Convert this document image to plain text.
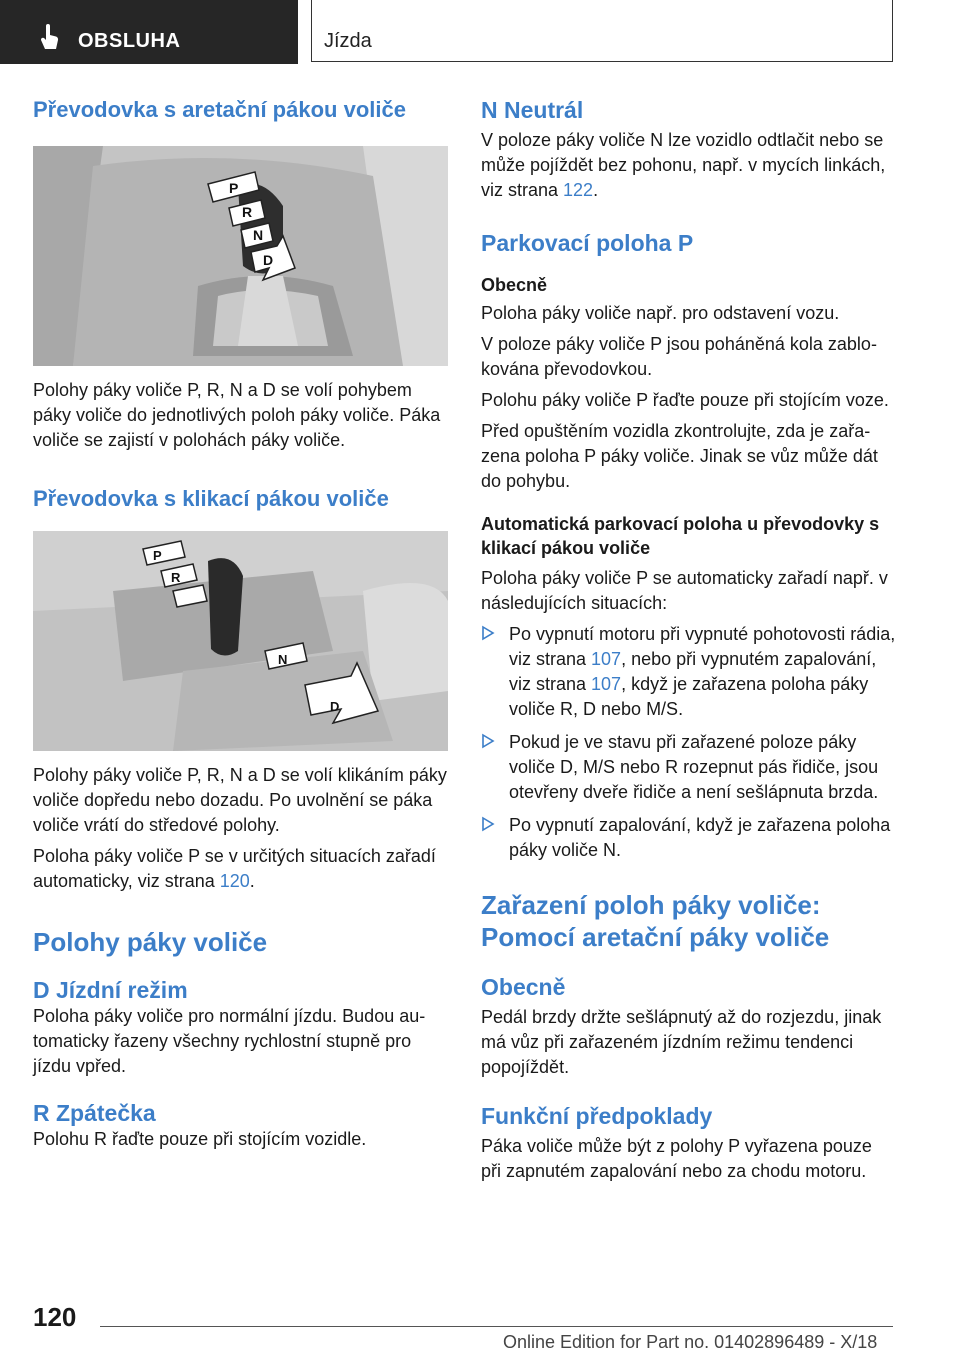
OBSLUHA	Jízda
Převodovka s aretační pákou voliče
P
R
N
D

Polohy páky voliče P, R, N a D se volí pohybem páky voliče do jednotlivých poloh páky voliče. Páka voliče se zajistí v polohách páky voliče.

Převodovka s klikací pákou voliče
P
R
N
D

Polohy páky voliče P, R, N a D se volí klikáním páky voliče dopředu nebo dozadu. Po uvolnění se páka voliče vrátí do středové polohy.

Poloha páky voliče P se v určitých situacích zařadí automaticky, viz strana 120.

Polohy páky voliče
D Jízdní režim

Poloha páky voliče pro normální jízdu. Budou automaticky řazeny všechny rychlostní stupně pro jízdu vpřed.

R Zpátečka

Polohu R řaďte pouze při stojícím vozidle.

N Neutrál

V poloze páky voliče N lze vozidlo odtlačit nebo se může pojíždět bez pohonu, např. v mycích linkách, viz strana 122.

Parkovací poloha P
Obecně

Poloha páky voliče např. pro odstavení vozu.

V poloze páky voliče P jsou poháněná kola zablokována převodovkou.

Polohu páky voliče P řaďte pouze při stojícím voze.

Před opuštěním vozidla zkontrolujte, zda je zařazena poloha P páky voliče. Jinak se vůz může dát do pohybu.

Automatická parkovací poloha u převodovky s klikací pákou voliče

Poloha páky voliče P se automaticky zařadí např. v následujících situacích:

Po vypnutí motoru při vypnuté pohotovosti rádia, viz strana 107, nebo při vypnutém zapalování, viz strana 107, když je zařazena poloha páky voliče R, D nebo M/S.
Pokud je ve stavu při zařazené poloze páky voliče D, M/S nebo R rozepnut pás řidiče, jsou otevřeny dveře řidiče a není sešlápnuta brzda.
Po vypnutí zapalování, když je zařazena poloha páky voliče N.
Zařazení poloh páky voliče: Pomocí aretační páky voliče
Obecně

Pedál brzdy držte sešlápnutý až do rozjezdu, jinak má vůz při zařazeném jízdním režimu tendenci popojíždět.

Funkční předpoklady

Páka voliče může být z polohy P vyřazena pouze při zapnutém zapalování nebo za chodu motoru.

120
Online Edition for Part no. 01402896489 - X/18
